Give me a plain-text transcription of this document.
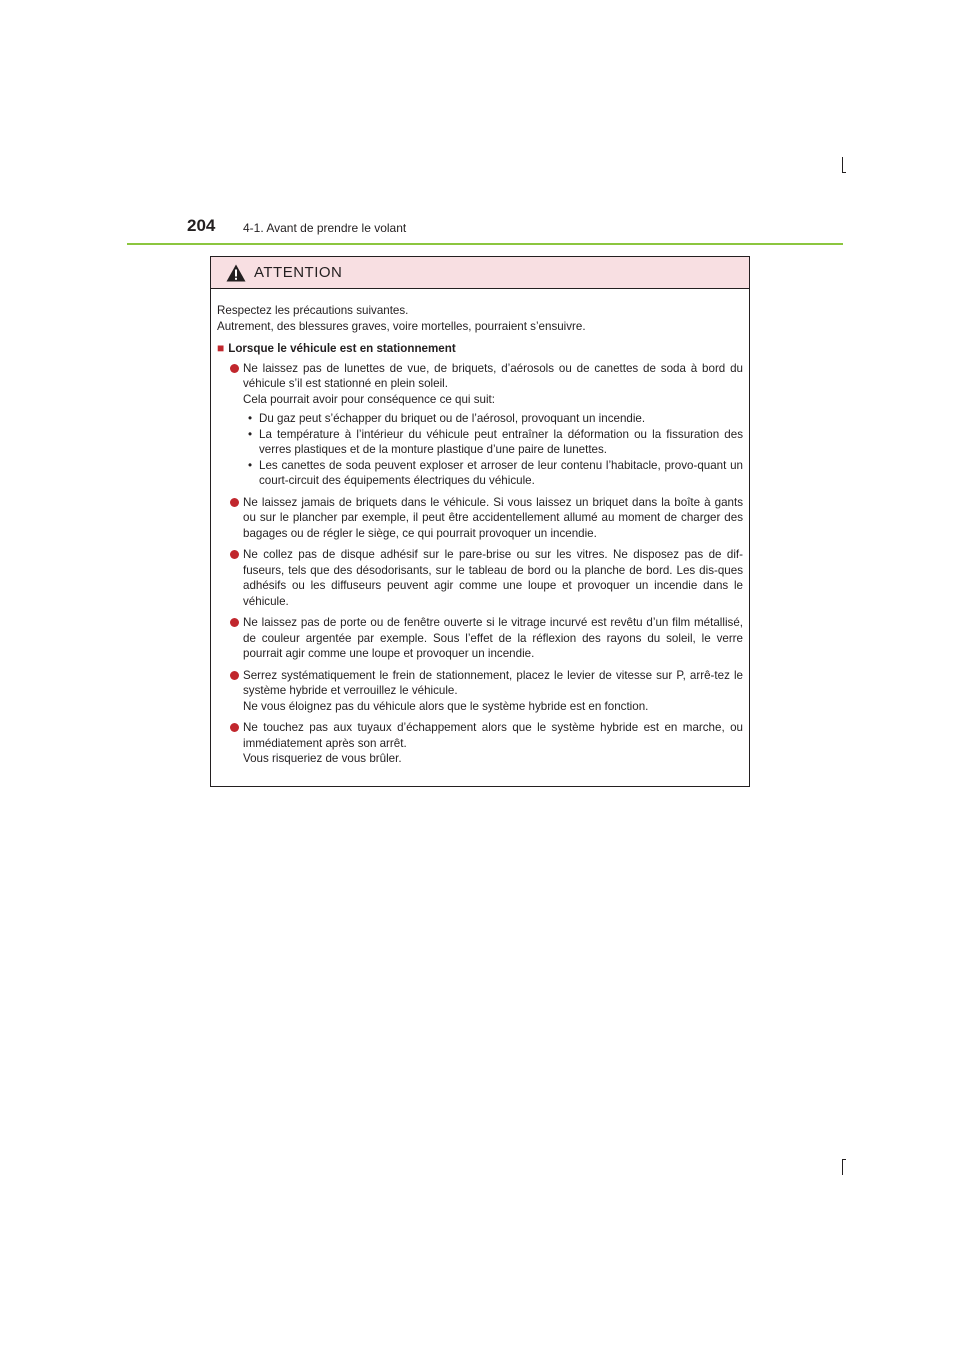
204 4-1. Avant de prendre le volant
ATTENTION

Respectez les précautions suivantes.
Autrement, des blessures graves, voire mortelles, pourraient s’ensuivre.

■ Lorsque le véhicule est en stationnement
Ne laissez pas de lunettes de vue, de briquets, d’aérosols ou de canettes de soda à bord du véhicule s’il est stationné en plein soleil.
Cela pourrait avoir pour conséquence ce qui suit:
• Du gaz peut s’échapper du briquet ou de l’aérosol, provoquant un incendie.
• La température à l’intérieur du véhicule peut entraîner la déformation ou la fissuration des verres plastiques et de la monture plastique d’une paire de lunettes.
• Les canettes de soda peuvent exploser et arroser de leur contenu l’habitacle, provo-quant un court-circuit des équipements électriques du véhicule.
Ne laissez jamais de briquets dans le véhicule. Si vous laissez un briquet dans la boîte à gants ou sur le plancher par exemple, il peut être accidentellement allumé au moment de charger des bagages ou de régler le siège, ce qui pourrait provoquer un incendie.
Ne collez pas de disque adhésif sur le pare-brise ou sur les vitres. Ne disposez pas de dif-fuseurs, tels que des désodorisants, sur le tableau de bord ou la planche de bord. Les dis-ques adhésifs ou les diffuseurs peuvent agir comme une loupe et provoquer un incendie dans le véhicule.
Ne laissez pas de porte ou de fenêtre ouverte si le vitrage incurvé est revêtu d’un film métallisé, de couleur argentée par exemple. Sous l’effet de la réflexion des rayons du soleil, le verre pourrait agir comme une loupe et provoquer un incendie.
Serrez systématiquement le frein de stationnement, placez le levier de vitesse sur P, arrê-tez le système hybride et verrouillez le véhicule.
Ne vous éloignez pas du véhicule alors que le système hybride est en fonction.
Ne touchez pas aux tuyaux d’échappement alors que le système hybride est en marche, ou immédiatement après son arrêt.
Vous risqueriez de vous brûler.
